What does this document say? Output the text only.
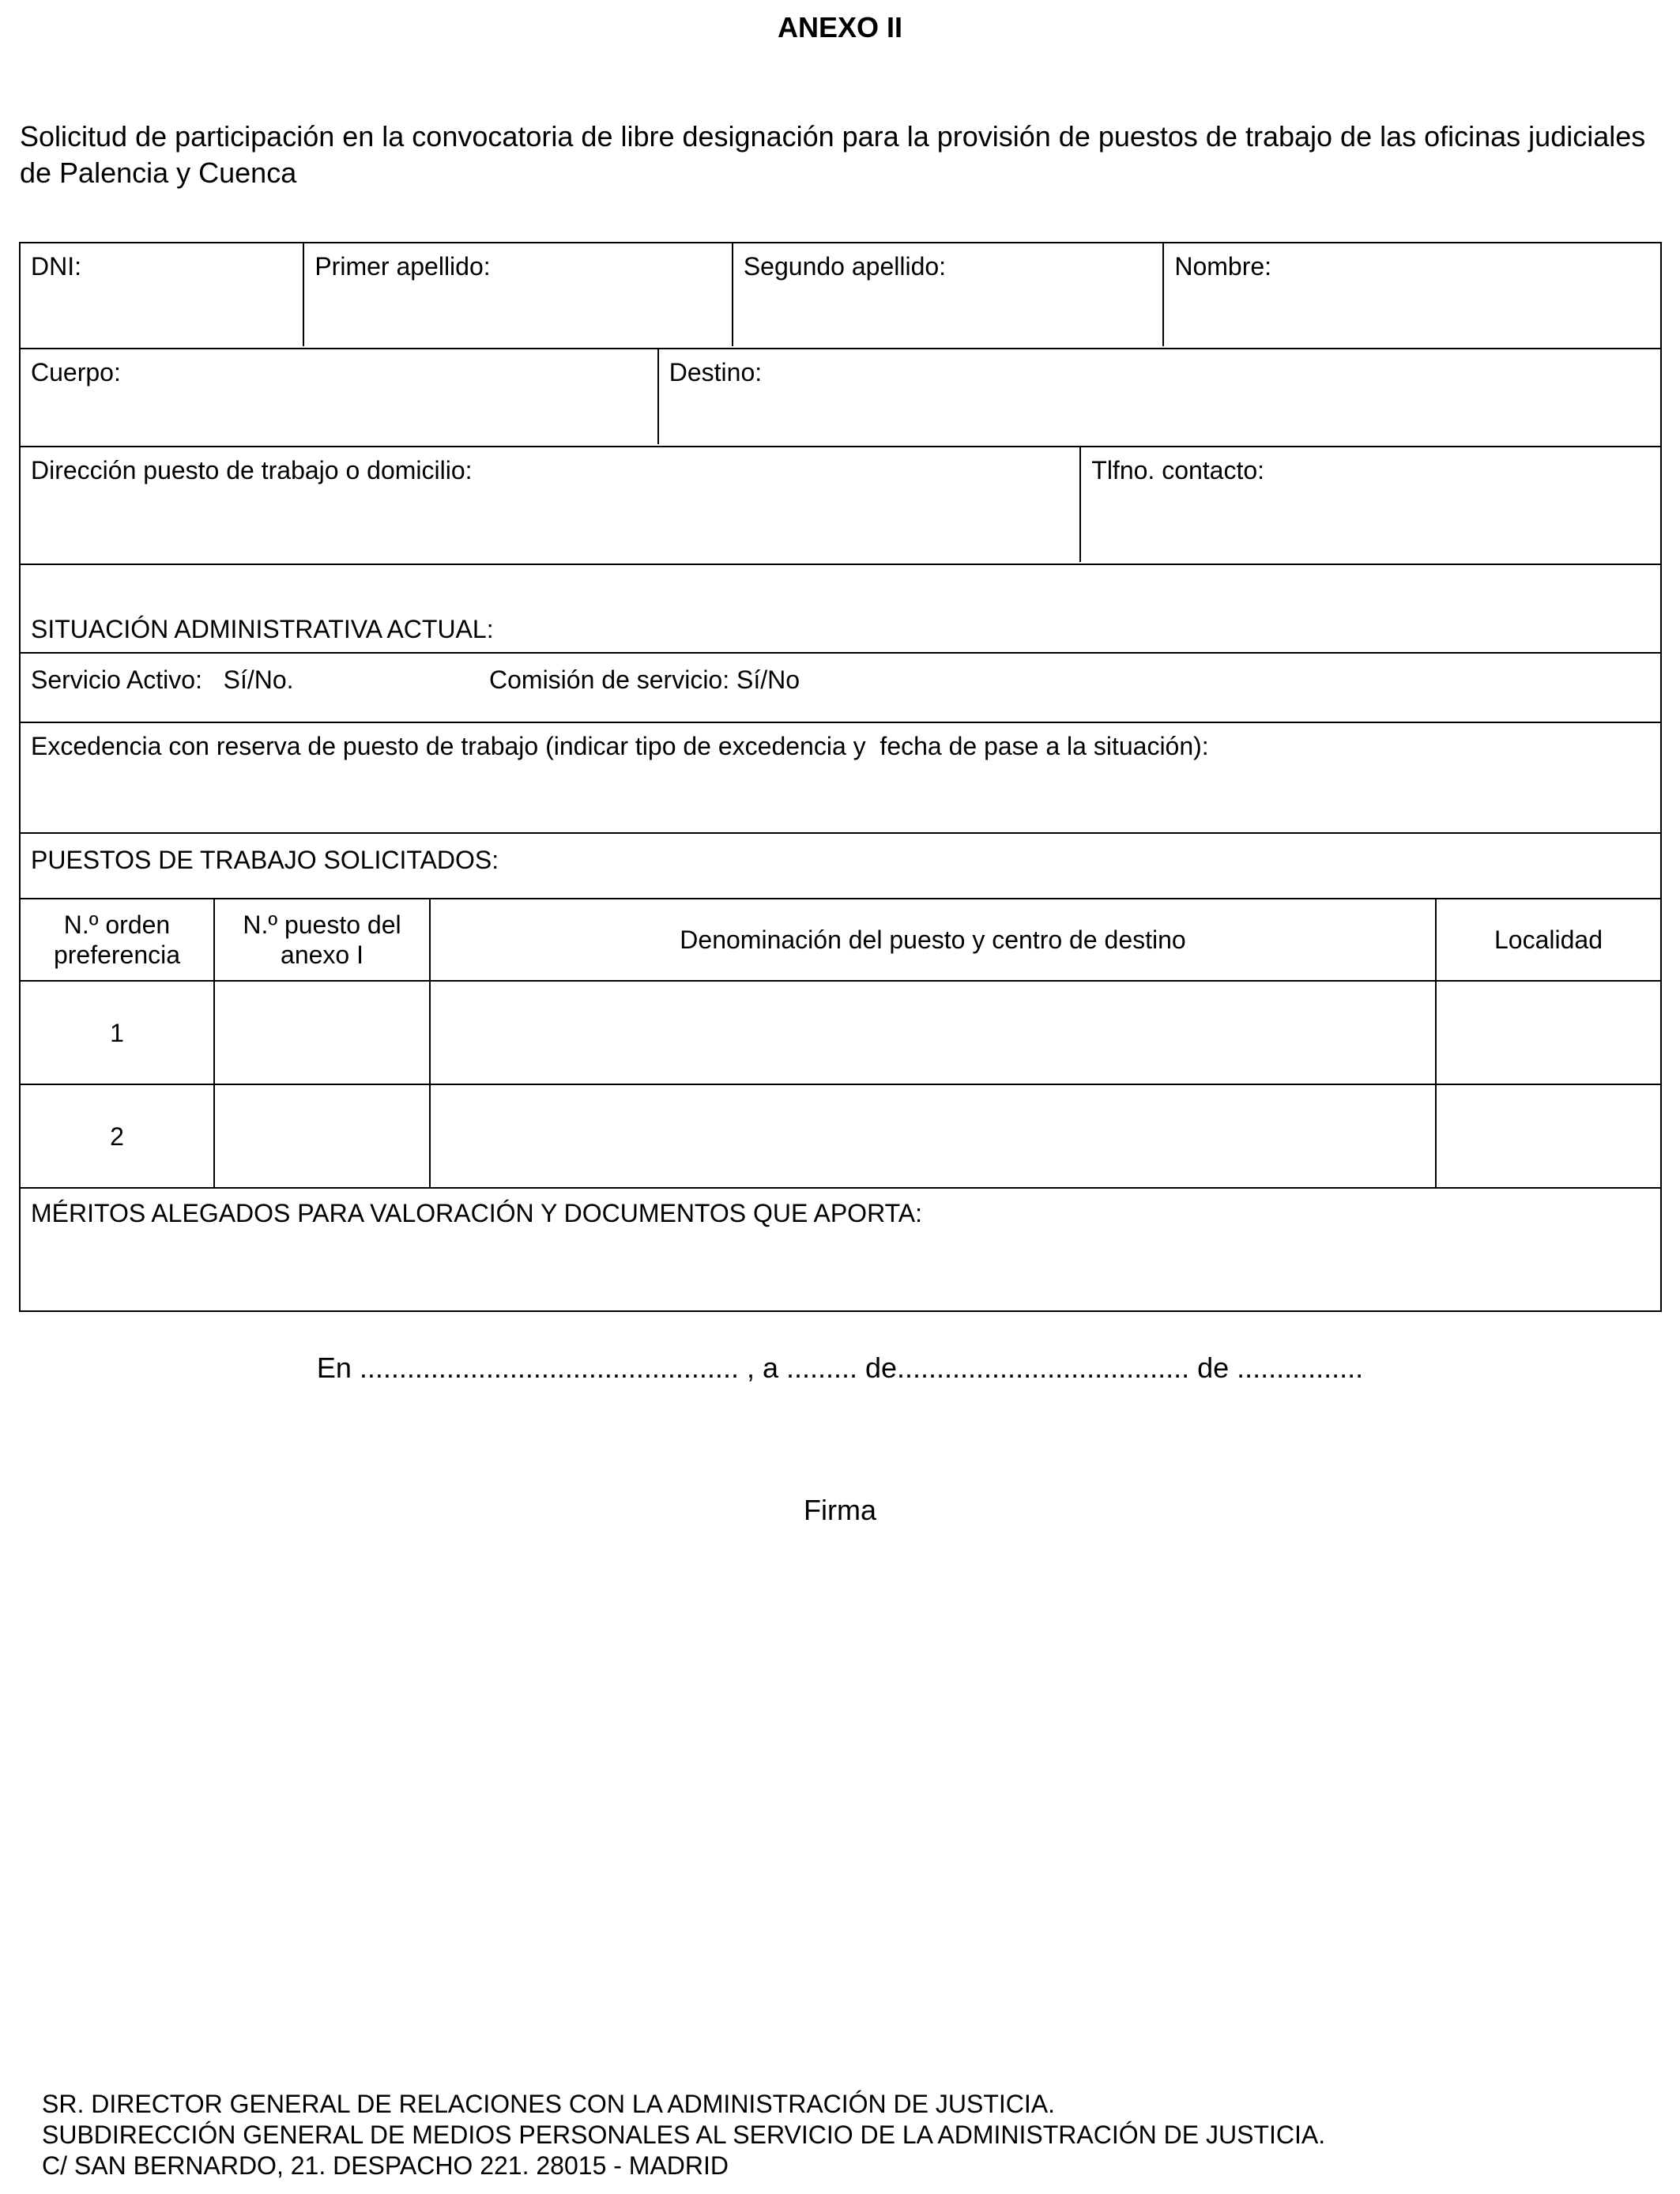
ANEXO II
Solicitud de participación en la convocatoria de libre designación para la provisión de puestos de trabajo de las oficinas judiciales de Palencia y Cuenca
DNI:	Primer apellido:	Segundo apellido:	Nombre:

Cuerpo:	Destino:

Dirección puesto de trabajo o domicilio:	Tlfno. contacto:

SITUACIÓN ADMINISTRATIVA ACTUAL:

Servicio Activo:   Sí/No.	Comisión de servicio: Sí/No

Excedencia con reserva de puesto de trabajo (indicar tipo de excedencia y  fecha de pase a la situación):

PUESTOS DE TRABAJO SOLICITADOS:

N.º orden preferencia	N.º puesto del anexo I	Denominación del puesto y centro de destino	Localidad
1			
2			

MÉRITOS ALEGADOS PARA VALORACIÓN Y DOCUMENTOS QUE APORTA:
En ................................................ , a ......... de..................................... de ................
Firma
SR. DIRECTOR GENERAL DE RELACIONES CON LA ADMINISTRACIÓN DE JUSTICIA.
SUBDIRECCIÓN GENERAL DE MEDIOS PERSONALES AL SERVICIO DE LA ADMINISTRACIÓN DE JUSTICIA.
C/ SAN BERNARDO, 21. DESPACHO 221. 28015 - MADRID
